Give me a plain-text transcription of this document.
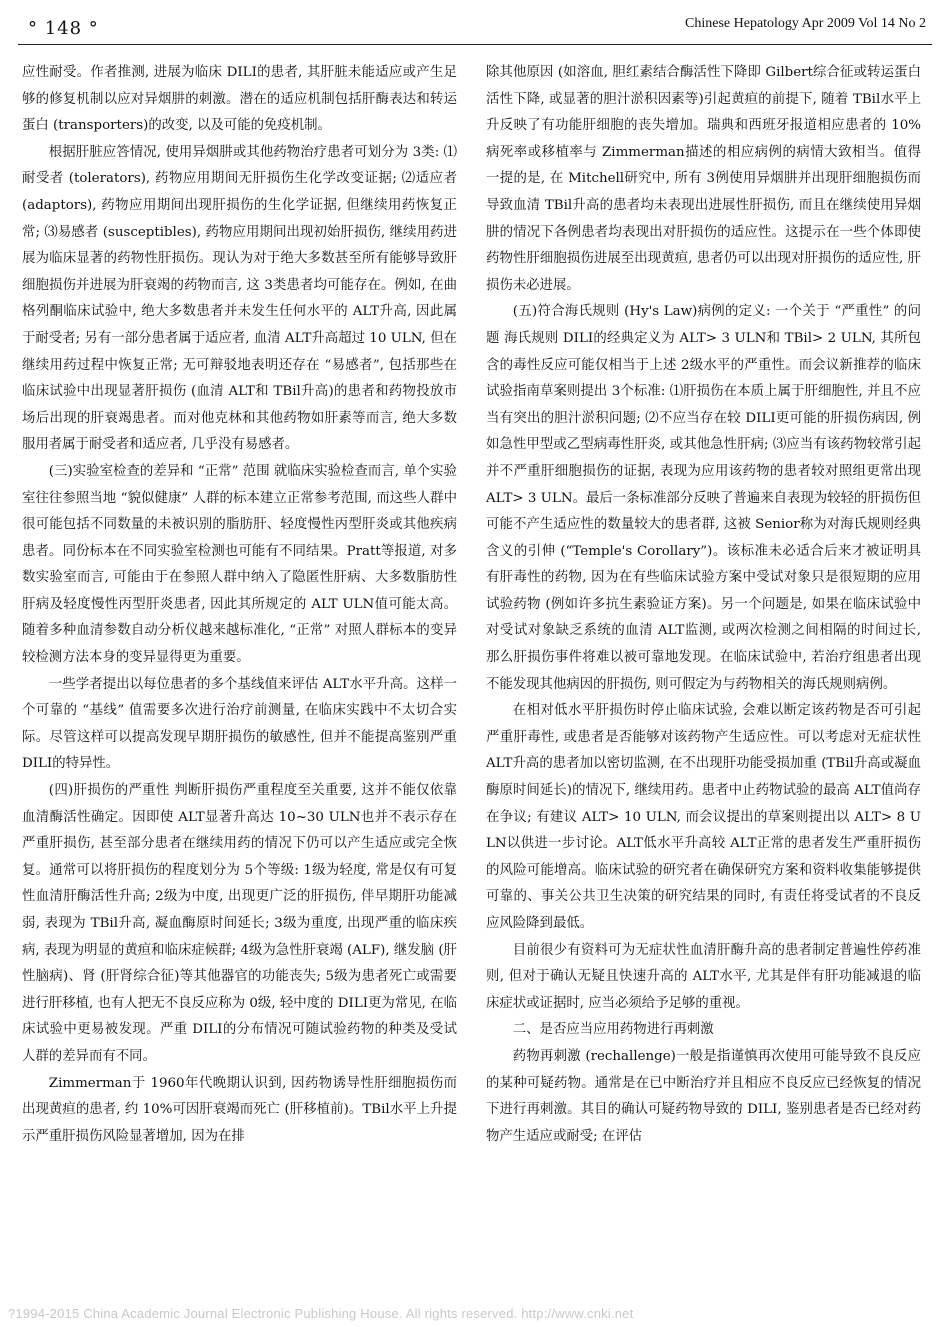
° 148 °	Chinese Hepatology Apr 2009 Vol 14 No 2

应性耐受。作者推测, 进展为临床 DILI的患者, 其肝脏未能适应或产生足够的修复机制以应对异烟肼的刺激。潜在的适应机制包括肝酶表达和转运蛋白 (transporters)的改变, 以及可能的免疫机制。

根据肝脏应答情况, 使用异烟肼或其他药物治疗患者可划分为 3类: ⑴耐受者 (tolerators), 药物应用期间无肝损伤生化学改变证据; ⑵适应者 (adaptors), 药物应用期间出现肝损伤的生化学证据, 但继续用药恢复正常; ⑶易感者 (susceptibles), 药物应用期间出现初始肝损伤, 继续用药进展为临床显著的药物性肝损伤。现认为对于绝大多数甚至所有能够导致肝细胞损伤并进展为肝衰竭的药物而言, 这 3类患者均可能存在。例如, 在曲格列酮临床试验中, 绝大多数患者并未发生任何水平的 ALT升高, 因此属于耐受者; 另有一部分患者属于适应者, 血清 ALT升高超过 10 ULN, 但在继续用药过程中恢复正常; 无可辩驳地表明还存在 “易感者”, 包括那些在临床试验中出现显著肝损伤 (血清 ALT和 TBil升高)的患者和药物投放市场后出现的肝衰竭患者。而对他克林和其他药物如肝素等而言, 绝大多数服用者属于耐受者和适应者, 几乎没有易感者。

(三)实验室检查的差异和 “正常” 范围 就临床实验检查而言, 单个实验室往往参照当地 “貌似健康” 人群的标本建立正常参考范围, 而这些人群中很可能包括不同数量的未被识别的脂肪肝、轻度慢性丙型肝炎或其他疾病患者。同份标本在不同实验室检测也可能有不同结果。Pratt等报道, 对多数实验室而言, 可能由于在参照人群中纳入了隐匿性肝病、大多数脂肪性肝病及轻度慢性丙型肝炎患者, 因此其所规定的 ALT ULN值可能太高。随着多种血清参数自动分析仪越来越标准化, “正常” 对照人群标本的变异较检测方法本身的变异显得更为重要。

一些学者提出以每位患者的多个基线值来评估 ALT水平升高。这样一个可靠的 “基线” 值需要多次进行治疗前测量, 在临床实践中不太切合实际。尽管这样可以提高发现早期肝损伤的敏感性, 但并不能提高鉴别严重 DILI的特异性。

(四)肝损伤的严重性 判断肝损伤严重程度至关重要, 这并不能仅依靠血清酶活性确定。因即使 ALT显著升高达 10~30 ULN也并不表示存在严重肝损伤, 甚至部分患者在继续用药的情况下仍可以产生适应或完全恢复。通常可以将肝损伤的程度划分为 5个等级: 1级为轻度, 常是仅有可复性血清肝酶活性升高; 2级为中度, 出现更广泛的肝损伤, 伴早期肝功能减弱, 表现为 TBil升高, 凝血酶原时间延长; 3级为重度, 出现严重的临床疾病, 表现为明显的黄疸和临床症候群; 4级为急性肝衰竭 (ALF), 继发脑 (肝性脑病)、肾 (肝肾综合征)等其他器官的功能丧失; 5级为患者死亡或需要进行肝移植, 也有人把无不良反应称为 0级, 轻中度的 DILI更为常见, 在临床试验中更易被发现。严重 DILI的分布情况可随试验药物的种类及受试人群的差异而有不同。

Zimmerman于 1960年代晚期认识到, 因药物诱导性肝细胞损伤而出现黄疸的患者, 约 10%可因肝衰竭而死亡 (肝移植前)。TBil水平上升提示严重肝损伤风险显著增加, 因为在排

除其他原因 (如溶血, 胆红素结合酶活性下降即 Gilbert综合征或转运蛋白活性下降, 或显著的胆汁淤积因素等)引起黄疸的前提下, 随着 TBil水平上升反映了有功能肝细胞的丧失增加。瑞典和西班牙报道相应患者的 10%病死率或移植率与 Zimmerman描述的相应病例的病情大致相当。值得一提的是, 在 Mitchell研究中, 所有 3例使用异烟肼并出现肝细胞损伤而导致血清 TBil升高的患者均未表现出进展性肝损伤, 而且在继续使用异烟肼的情况下各例患者均表现出对肝损伤的适应性。这提示在一些个体即使药物性肝细胞损伤进展至出现黄疸, 患者仍可以出现对肝损伤的适应性, 肝损伤未必进展。

(五)符合海氏规则 (Hy's Law)病例的定义: 一个关于 “严重性” 的问题 海氏规则 DILI的经典定义为 ALT> 3 ULN和 TBil> 2 ULN, 其所包含的毒性反应可能仅相当于上述 2级水平的严重性。而会议新推荐的临床试验指南草案则提出 3个标准: ⑴肝损伤在本质上属于肝细胞性, 并且不应当有突出的胆汁淤积问题; ⑵不应当存在较 DILI更可能的肝损伤病因, 例如急性甲型或乙型病毒性肝炎, 或其他急性肝病; ⑶应当有该药物较常引起并不严重肝细胞损伤的证据, 表现为应用该药物的患者较对照组更常出现 ALT> 3 ULN。最后一条标准部分反映了普遍来自表现为较轻的肝损伤但可能不产生适应性的数量较大的患者群, 这被 Senior称为对海氏规则经典含义的引伸 (“Temple's Corollary”)。该标准未必适合后来才被证明具有肝毒性的药物, 因为在有些临床试验方案中受试对象只是很短期的应用试验药物 (例如许多抗生素验证方案)。另一个问题是, 如果在临床试验中对受试对象缺乏系统的血清 ALT监测, 或两次检测之间相隔的时间过长, 那么肝损伤事件将难以被可靠地发现。在临床试验中, 若治疗组患者出现不能发现其他病因的肝损伤, 则可假定为与药物相关的海氏规则病例。

在相对低水平肝损伤时停止临床试验, 会难以断定该药物是否可引起严重肝毒性, 或患者是否能够对该药物产生适应性。可以考虑对无症状性 ALT升高的患者加以密切监测, 在不出现肝功能受损加重 (TBil升高或凝血酶原时间延长)的情况下, 继续用药。患者中止药物试验的最高 ALT值尚存在争议; 有建议 ALT> 10 ULN, 而会议提出的草案则提出以 ALT> 8 ULN以供进一步讨论。ALT低水平升高较 ALT正常的患者发生严重肝损伤的风险可能增高。临床试验的研究者在确保研究方案和资料收集能够提供可靠的、事关公共卫生决策的研究结果的同时, 有责任将受试者的不良反应风险降到最低。

目前很少有资料可为无症状性血清肝酶升高的患者制定普遍性停药准则, 但对于确认无疑且快速升高的 ALT水平, 尤其是伴有肝功能减退的临床症状或证据时, 应当必须给予足够的重视。

二、是否应当应用药物进行再刺激

药物再刺激 (rechallenge)一般是指谨慎再次使用可能导致不良反应的某种可疑药物。通常是在已中断治疗并且相应不良反应已经恢复的情况下进行再刺激。其目的确认可疑药物导致的 DILI, 鉴别患者是否已经对药物产生适应或耐受; 在评估

?1994-2015 China Academic Journal Electronic Publishing House. All rights reserved. http://www.cnki.net
